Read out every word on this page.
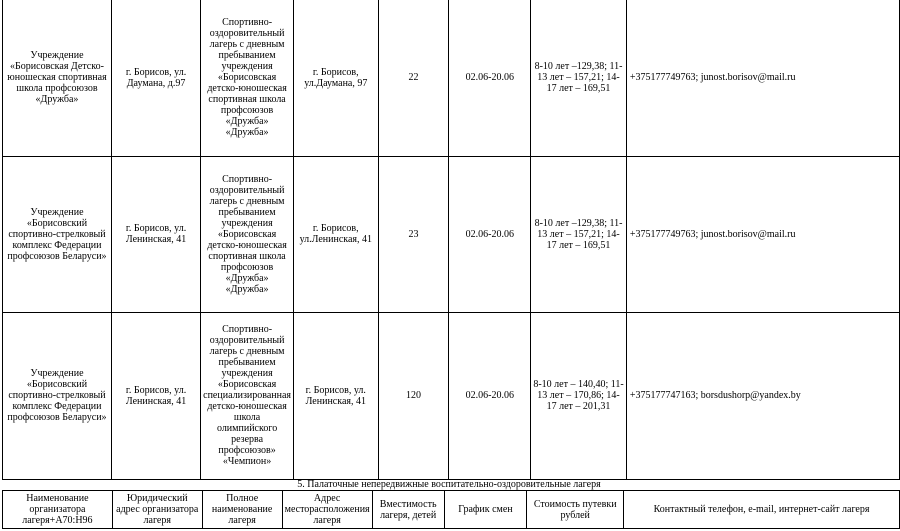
Учреждение «Борисовская Детско-юношеская спортивная школа профсоюзов «Дружба»	г. Борисов, ул. Даумана, д.97	Спортивно-оздоровительный лагерь с дневным пребыванием учреждения «Борисовская детско-юношеская спортивная школа профсоюзов «Дружба» «Дружба»	г. Борисов, ул.Даумана, 97	22	02.06-20.06	8-10 лет –129,38; 11-13 лет – 157,21; 14-17 лет – 169,51	+375177749763; junost.borisov@mail.ru
Учреждение «Борисовский спортивно-стрелковый комплекс Федерации профсоюзов Беларуси»	г. Борисов, ул. Ленинская, 41	Спортивно-оздоровительный лагерь с дневным пребыванием учреждения «Борисовская детско-юношеская спортивная школа профсоюзов «Дружба» «Дружба»	г. Борисов, ул.Ленинская, 41	23	02.06-20.06	8-10 лет –129,38; 11-13 лет – 157,21; 14-17 лет – 169,51	+375177749763; junost.borisov@mail.ru
Учреждение «Борисовский спортивно-стрелковый комплекс Федерации профсоюзов Беларуси»	г. Борисов, ул. Ленинская, 41	Спортивно-оздоровительный лагерь с дневным пребыванием учреждения «Борисовская специализированная детско-юношеская школа олимпийского резерва профсоюзов» «Чемпион»	г. Борисов, ул. Ленинская, 41	120	02.06-20.06	8-10 лет – 140,40; 11-13 лет – 170,86; 14-17 лет – 201,31	+375177747163; borsdushorp@yandex.by
5. Палаточные непередвижные воспитательно-оздоровительные лагеря
Наименование организатора лагеря+A70:H96	Юридический адрес организатора лагеря	Полное наименование лагеря	Адрес месторасположения лагеря	Вместимость лагеря, детей	График смен	Стоимость путевки рублей	Контактный телефон, e-mail, интернет-сайт лагеря
